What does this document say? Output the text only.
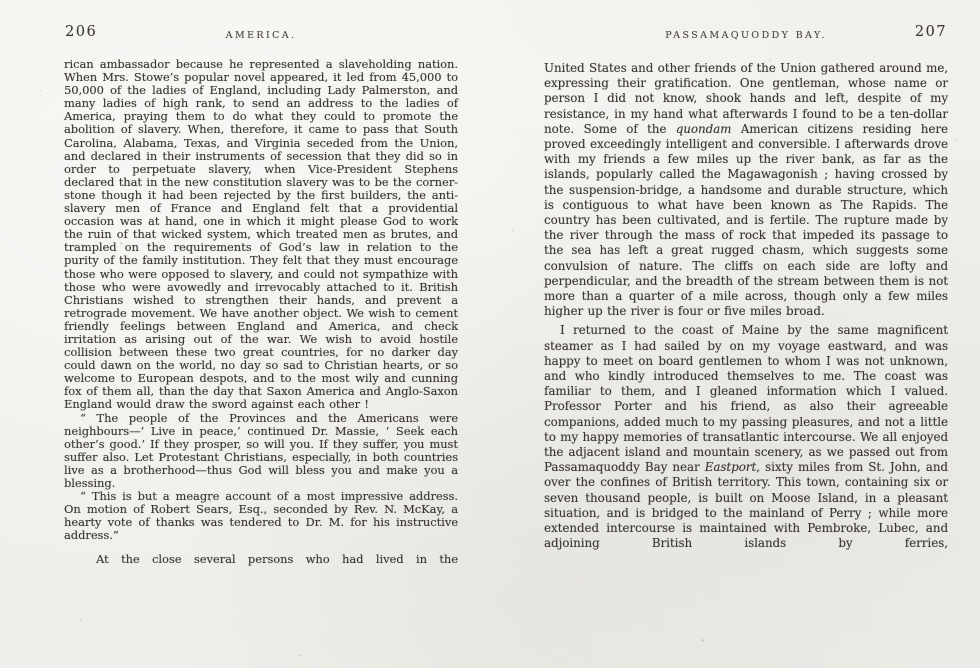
206	AMERICA.

rican ambassador because he represented a slaveholding nation. When Mrs. Stowe’s popular novel appeared, it led from 45,000 to 50,000 of the ladies of England, including Lady Palmerston, and many ladies of high rank, to send an address to the ladies of America, praying them to do what they could to promote the abolition of slavery. When, therefore, it came to pass that South Carolina, Alabama, Texas, and Virginia seceded from the Union, and declared in their instruments of secession that they did so in order to perpetuate slavery, when Vice-President Stephens declared that in the new constitution slavery was to be the corner-stone though it had been rejected by the first builders, the anti-slavery men of France and England felt that a providential occasion was at hand, one in which it might please God to work the ruin of that wicked system, which treated men as brutes, and trampled on the requirements of God’s law in relation to the purity of the family institution. They felt that they must encourage those who were opposed to slavery, and could not sympathize with those who were avowedly and irrevocably attached to it. British Christians wished to strengthen their hands, and prevent a retrograde movement. We have another object. We wish to cement friendly feelings between England and America, and check irritation as arising out of the war. We wish to avoid hostile collision between these two great countries, for no darker day could dawn on the world, no day so sad to Christian hearts, or so welcome to European despots, and to the most wily and cunning fox of them all, than the day that Saxon America and Anglo-Saxon England would draw the sword against each other !

“ The people of the Provinces and the Americans were neighbours—‘ Live in peace,’ continued Dr. Massie, ‘ Seek each other’s good.’ If they prosper, so will you. If they suffer, you must suffer also. Let Protestant Christians, especially, in both countries live as a brotherhood—thus God will bless you and make you a blessing.

“ This is but a meagre account of a most impressive address. On motion of Robert Sears, Esq., seconded by Rev. N. McKay, a hearty vote of thanks was tendered to Dr. M. for his instructive address.”

At the close several persons who had lived in the

PASSAMAQUODDY BAY.	207

United States and other friends of the Union gathered around me, expressing their gratification. One gentleman, whose name or person I did not know, shook hands and left, despite of my resistance, in my hand what afterwards I found to be a ten-dollar note. Some of the quondam American citizens residing here proved exceedingly intelligent and conversible. I afterwards drove with my friends a few miles up the river bank, as far as the islands, popularly called the Magawagonish ; having crossed by the suspension-bridge, a handsome and durable structure, which is contiguous to what have been known as The Rapids. The country has been cultivated, and is fertile. The rupture made by the river through the mass of rock that impeded its passage to the sea has left a great rugged chasm, which suggests some convulsion of nature. The cliffs on each side are lofty and perpendicular, and the breadth of the stream between them is not more than a quarter of a mile across, though only a few miles higher up the river is four or five miles broad.

I returned to the coast of Maine by the same magnificent steamer as I had sailed by on my voyage eastward, and was happy to meet on board gentlemen to whom I was not unknown, and who kindly introduced themselves to me. The coast was familiar to them, and I gleaned information which I valued. Professor Porter and his friend, as also their agreeable companions, added much to my passing pleasures, and not a little to my happy memories of transatlantic intercourse. We all enjoyed the adjacent island and mountain scenery, as we passed out from Passamaquoddy Bay near Eastport, sixty miles from St. John, and over the confines of British territory. This town, containing six or seven thousand people, is built on Moose Island, in a pleasant situation, and is bridged to the mainland of Perry ; while more extended intercourse is maintained with Pembroke, Lubec, and adjoining British islands by ferries,
